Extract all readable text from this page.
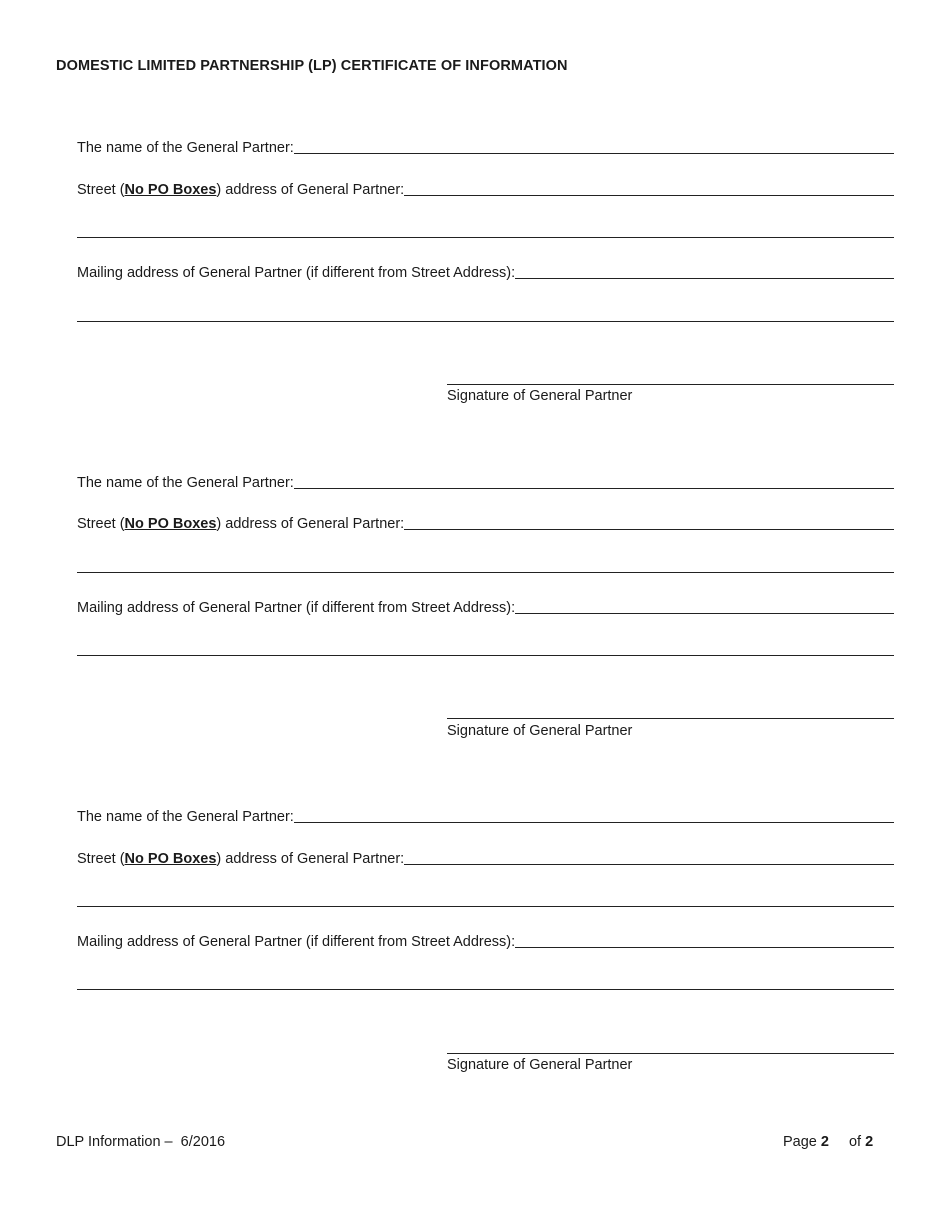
DOMESTIC LIMITED PARTNERSHIP (LP) CERTIFICATE OF INFORMATION
The name of the General Partner:
Street (No PO Boxes) address of General Partner:
Mailing address of General Partner (if different from Street Address):
Signature of General Partner
The name of the General Partner:
Street (No PO Boxes) address of General Partner:
Mailing address of General Partner (if different from Street Address):
Signature of General Partner
The name of the General Partner:
Street (No PO Boxes) address of General Partner:
Mailing address of General Partner (if different from Street Address):
Signature of General Partner
DLP Information –  6/2016	Page 2 of 2
